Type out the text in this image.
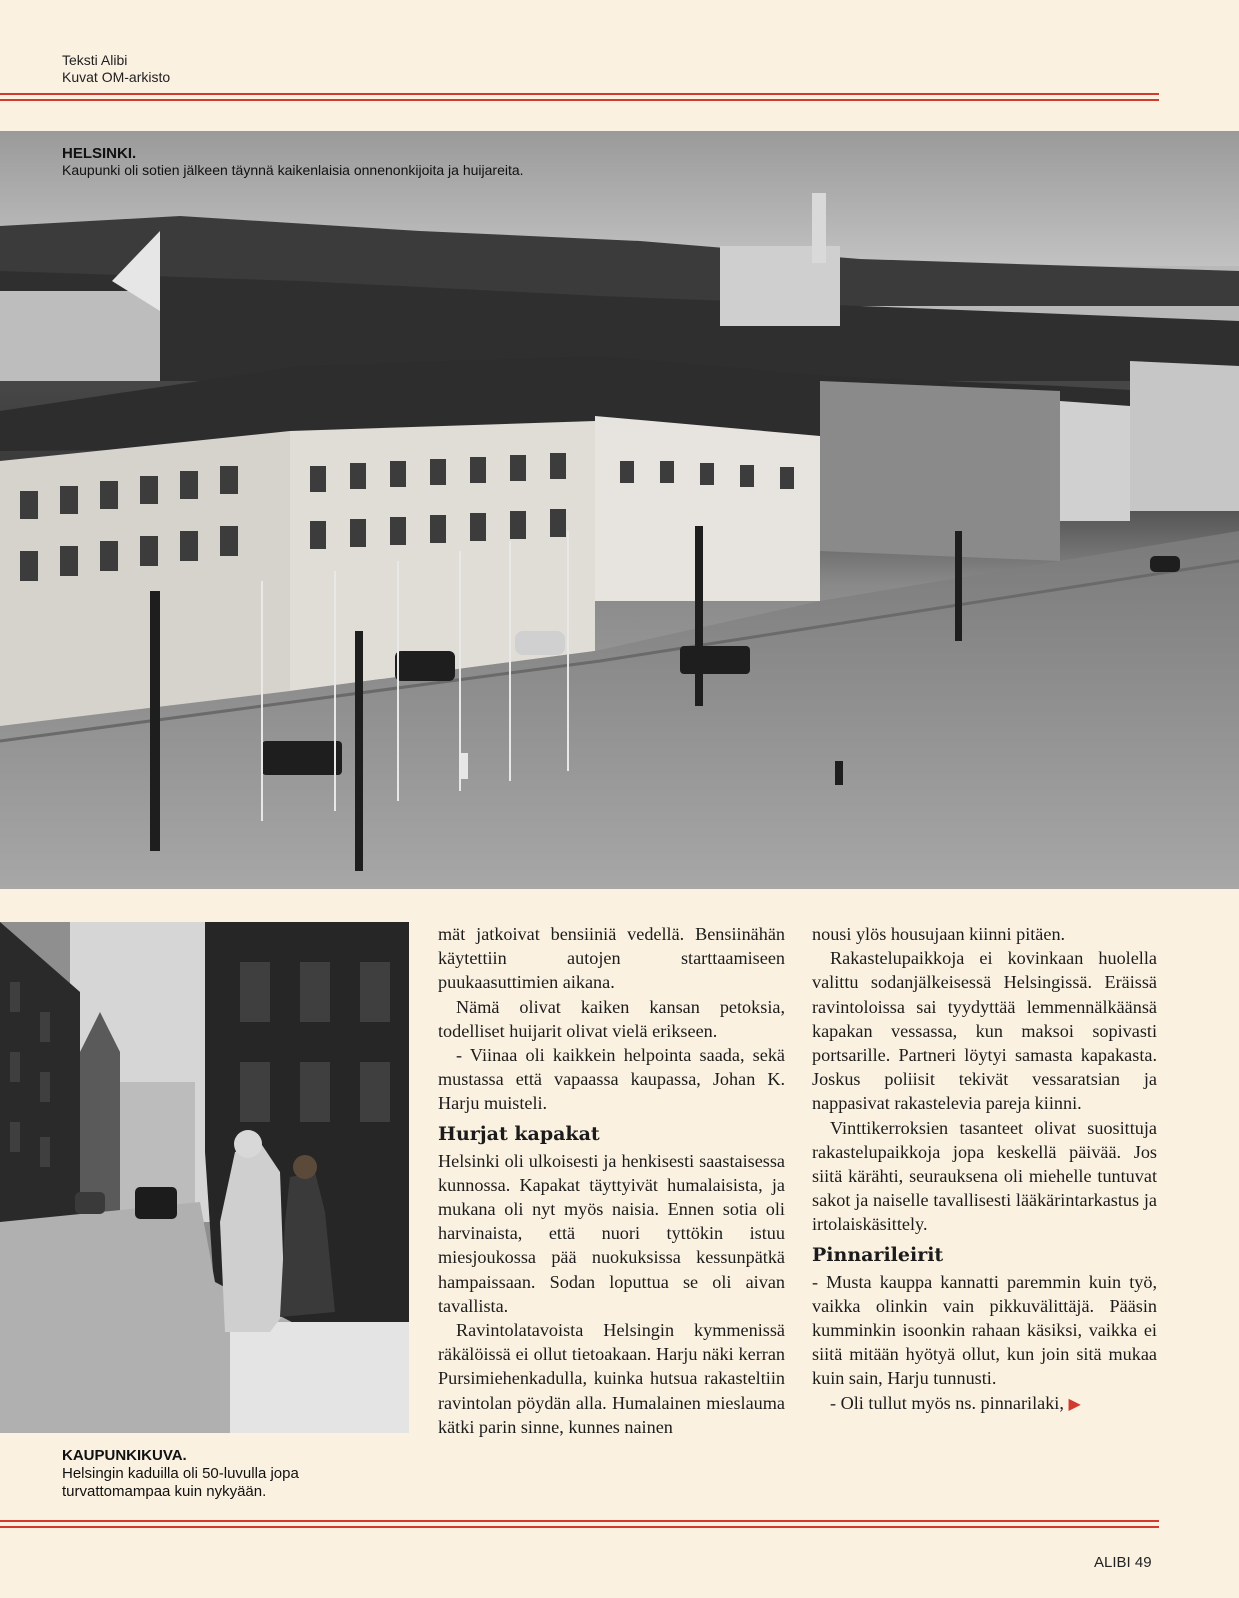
Teksti Alibi
Kuvat OM-arkisto
HELSINKI.
Kaupunki oli sotien jälkeen täynnä kaikenlaisia onnenonkijoita ja huijareita.
KAUPUNKIKUVA.
Helsingin kaduilla oli 50-luvulla jopa
turvattomampaa kuin nykyään.

mät jatkoivat bensiiniä vedellä. Bensiinähän käytettiin autojen starttaamiseen puukaasuttimien aikana.

Nämä olivat kaiken kansan petoksia, todelliset huijarit olivat vielä erikseen.

- Viinaa oli kaikkein helpointa saada, sekä mustassa että vapaassa kaupassa, Johan K. Harju muisteli.

Hurjat kapakat

Helsinki oli ulkoisesti ja henkisesti saastaisessa kunnossa. Kapakat täyttyivät humalaisista, ja mukana oli nyt myös naisia. Ennen sotia oli harvinaista, että nuori tyttökin istuu miesjoukossa pää nuokuksissa kessunpätkä hampaissaan. Sodan loputtua se oli aivan tavallista.

Ravintolatavoista Helsingin kymmenissä räkälöissä ei ollut tietoakaan. Harju näki kerran Pursimiehenkadulla, kuinka hutsua rakasteltiin ravintolan pöydän alla. Humalainen mieslauma kätki parin sinne, kunnes nainen

nousi ylös housujaan kiinni pitäen.

Rakastelupaikkoja ei kovinkaan huolella valittu sodanjälkeisessä Helsingissä. Eräissä ravintoloissa sai tyydyttää lemmennälkäänsä kapakan vessassa, kun maksoi sopivasti portsarille. Partneri löytyi samasta kapakasta. Joskus poliisit tekivät vessaratsian ja nappasivat rakastelevia pareja kiinni.

Vinttikerroksien tasanteet olivat suosittuja rakastelupaikkoja jopa keskellä päivää. Jos siitä kärähti, seurauksena oli miehelle tuntuvat sakot ja naiselle tavallisesti lääkärintarkastus ja irtolaiskäsittely.

Pinnarileirit

- Musta kauppa kannatti paremmin kuin työ, vaikka olinkin vain pikkuvälittäjä. Pääsin kumminkin isoonkin rahaan käsiksi, vaikka ei siitä mitään hyötyä ollut, kun join sitä mukaa kuin sain, Harju tunnusti.

- Oli tullut myös ns. pinnarilaki, ▶

ALIBI 49
